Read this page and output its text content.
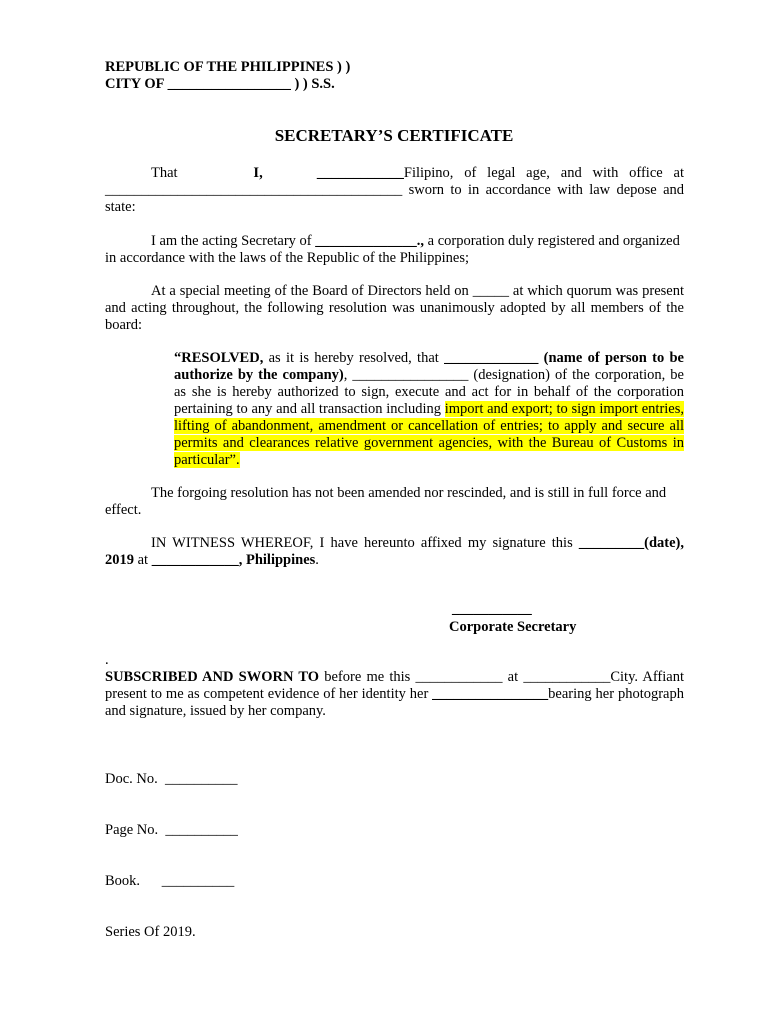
REPUBLIC OF THE PHILIPPINES ) )
CITY OF _________________ ) ) S.S.
SECRETARY’S CERTIFICATE
That	I,	____________Filipino, of legal age, and with office at _________________________________________ sworn to in accordance with law depose and state:
I am the acting Secretary of ______________., a corporation duly registered and organized in accordance with the laws of the Republic of the Philippines;
At a special meeting of the Board of Directors held on _____ at which quorum was present and acting throughout, the following resolution was unanimously adopted by all members of the board:
“RESOLVED, as it is hereby resolved, that _____________ (name of person to be authorize by the company), ________________ (designation) of the corporation, be as she is hereby authorized to sign, execute and act for in behalf of the corporation pertaining to any and all transaction including import and export; to sign import entries, lifting of abandonment, amendment or cancellation of entries; to apply and secure all permits and clearances relative government agencies, with the Bureau of Customs in particular”.
The forgoing resolution has not been amended nor rescinded, and is still in full force and effect.
IN WITNESS WHEREOF, I have hereunto affixed my signature this _________(date), 2019 at ____________, Philippines.
___________
Corporate Secretary
.
SUBSCRIBED AND SWORN TO before me this ____________ at ____________City. Affiant present to me as competent evidence of her identity her ________________bearing her photograph and signature, issued by her company.

Doc. No.  __________

Page No.  __________

Book.      __________

Series Of 2019.
